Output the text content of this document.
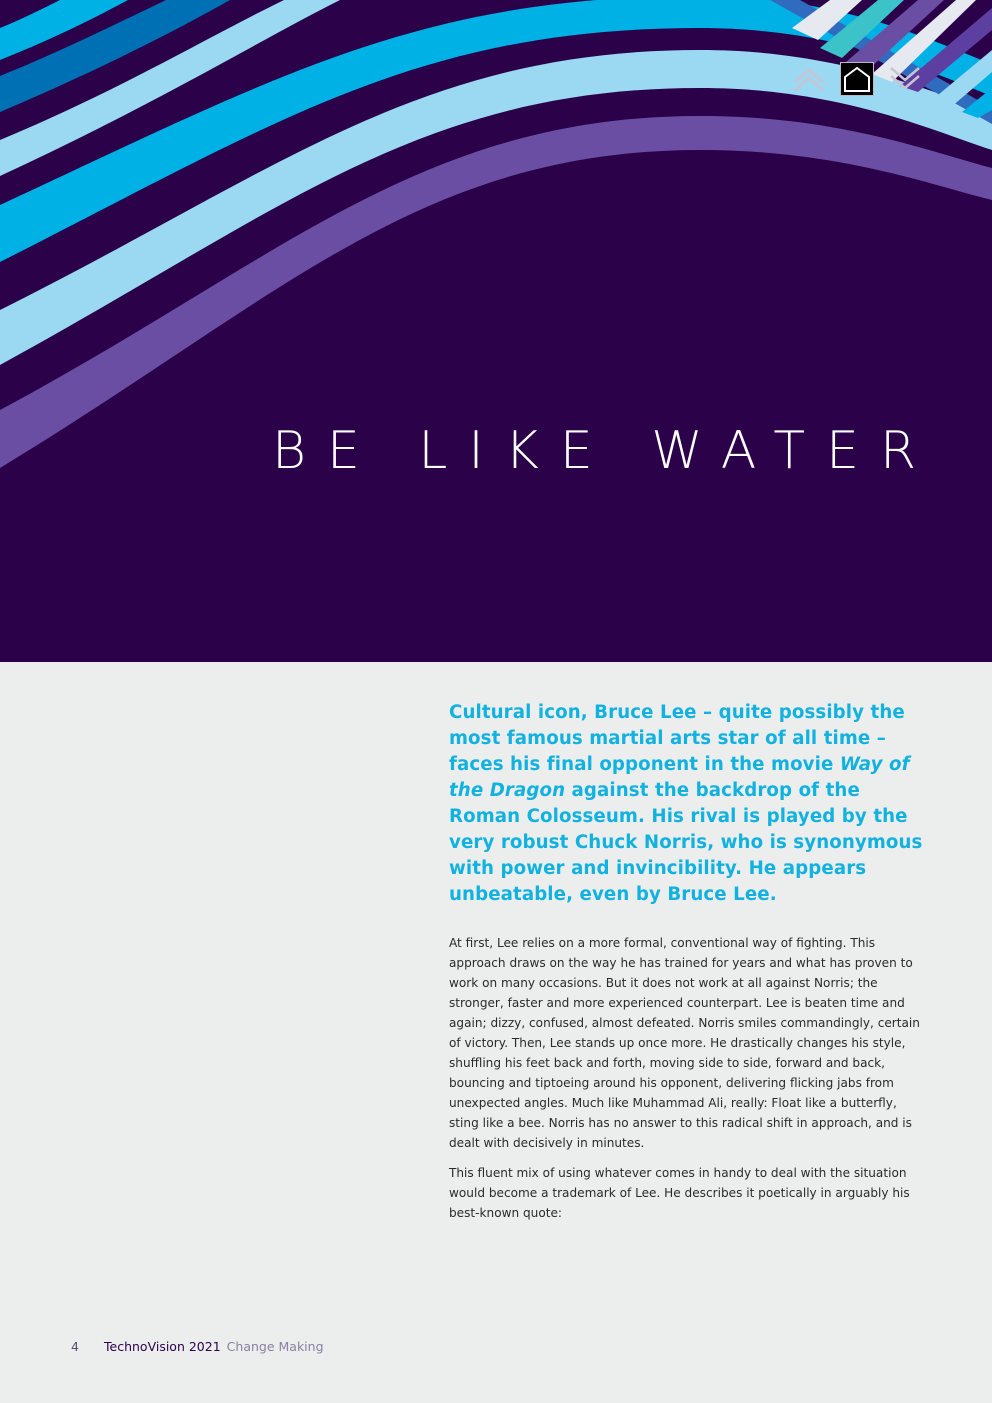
BE LIKE WATER

Cultural icon, Bruce Lee – quite possibly the most famous martial arts star of all time – faces his final opponent in the movie Way of the Dragon against the backdrop of the Roman Colosseum. His rival is played by the very robust Chuck Norris, who is synonymous with power and invincibility. He appears unbeatable, even by Bruce Lee.

At first, Lee relies on a more formal, conventional way of fighting. This approach draws on the way he has trained for years and what has proven to work on many occasions. But it does not work at all against Norris; the stronger, faster and more experienced counterpart. Lee is beaten time and again; dizzy, confused, almost defeated. Norris smiles commandingly, certain of victory. Then, Lee stands up once more. He drastically changes his style, shuffling his feet back and forth, moving side to side, forward and back, bouncing and tiptoeing around his opponent, delivering flicking jabs from unexpected angles. Much like Muhammad Ali, really: Float like a butterfly, sting like a bee. Norris has no answer to this radical shift in approach, and is dealt with decisively in minutes.

This fluent mix of using whatever comes in handy to deal with the situation would become a trademark of Lee. He describes it poetically in arguably his best-known quote:

4 TechnoVision 2021 Change Making
